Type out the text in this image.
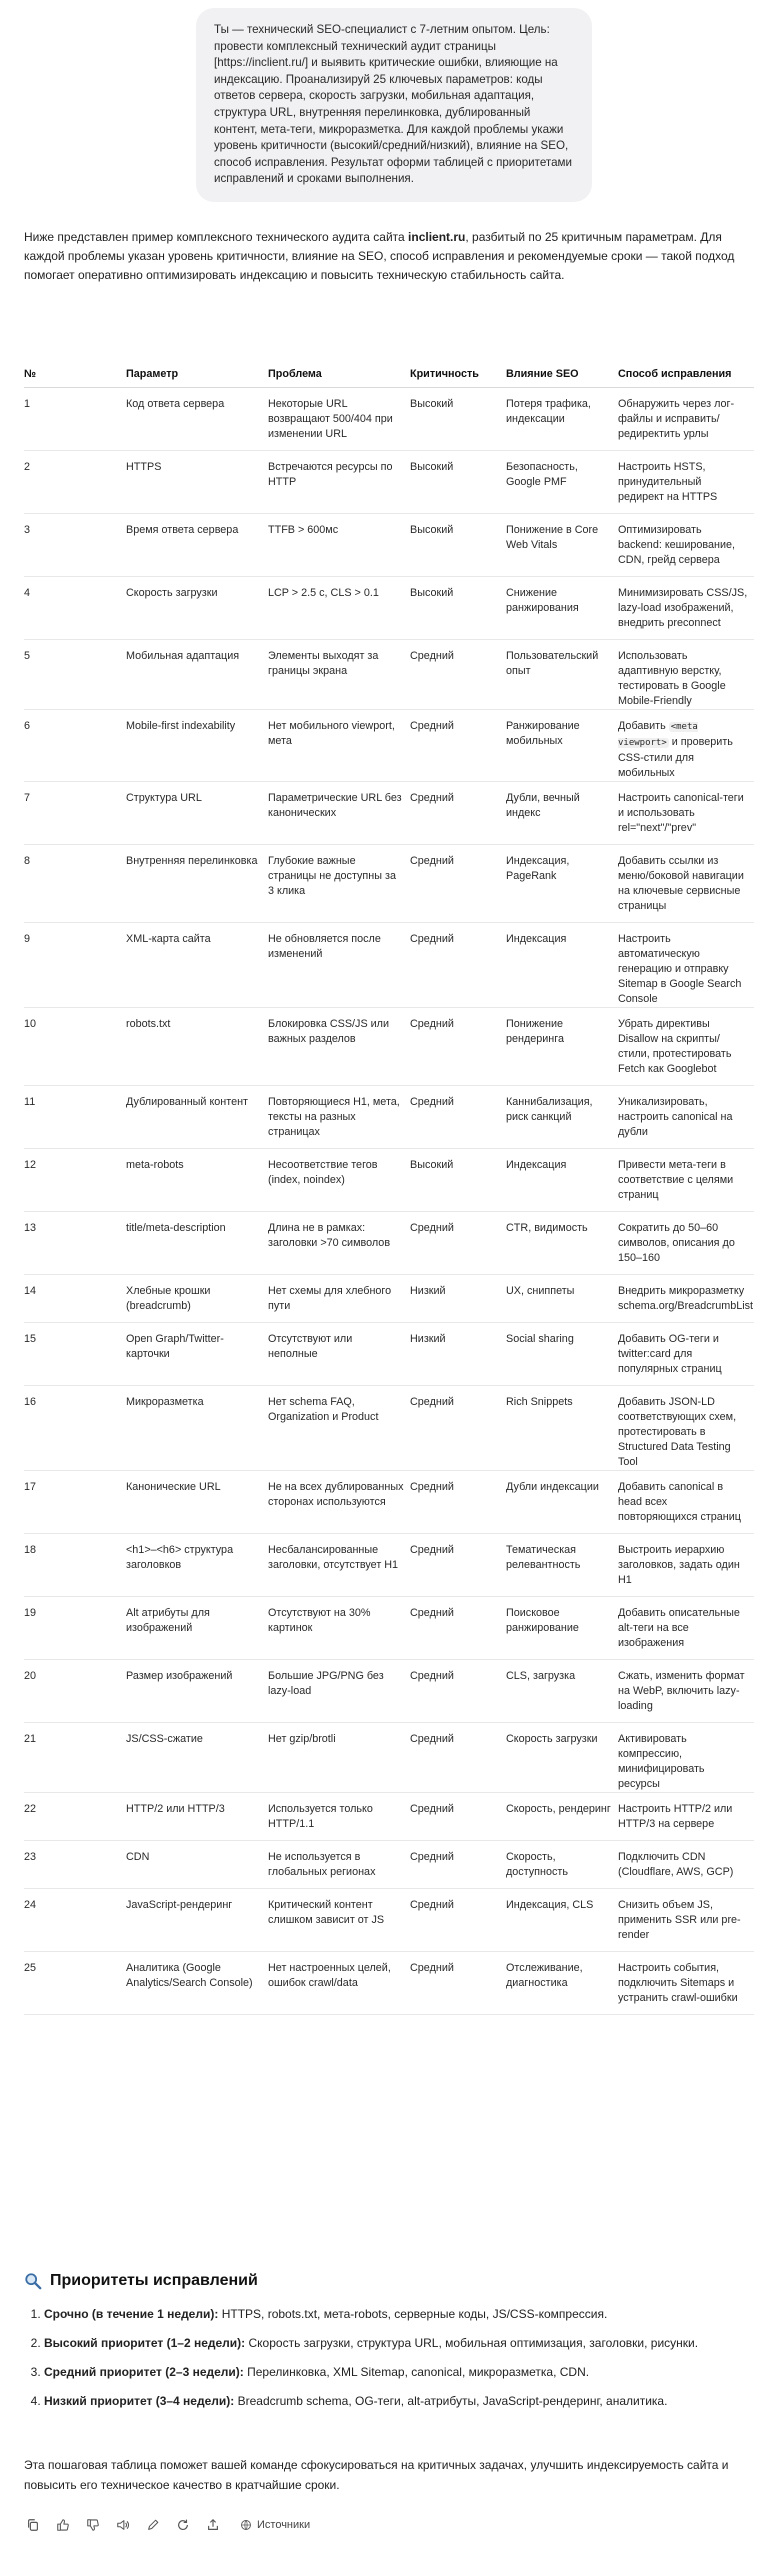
Ты — технический SEO-специалист с 7-летним опытом. Цель: провести комплексный технический аудит страницы [https://inclient.ru/] и выявить критические ошибки, влияющие на индексацию. Проанализируй 25 ключевых параметров: коды ответов сервера, скорость загрузки, мобильная адаптация, структура URL, внутренняя перелинковка, дублированный контент, мета-теги, микроразметка. Для каждой проблемы укажи уровень критичности (высокий/средний/низкий), влияние на SEO, способ исправления. Результат оформи таблицей с приоритетами исправлений и сроками выполнения.
Ниже представлен пример комплексного технического аудита сайта inclient.ru, разбитый по 25 критичным параметрам. Для каждой проблемы указан уровень критичности, влияние на SEO, способ исправления и рекомендуемые сроки — такой подход помогает оперативно оптимизировать индексацию и повысить техническую стабильность сайта.
№	Параметр	Проблема	Критичность	Влияние SEO	Способ исправления
1	Код ответа сервера	Некоторые URL возвращают 500/404 при изменении URL	Высокий	Потеря трафика, индексации	Обнаружить через лог-файлы и исправить/редиректить урлы
2	HTTPS	Встречаются ресурсы по HTTP	Высокий	Безопасность, Google PMF	Настроить HSTS, принудительный редирект на HTTPS
3	Время ответа сервера	TTFB > 600мс	Высокий	Понижение в Core Web Vitals	Оптимизировать backend: кеширование, CDN, грейд сервера
4	Скорость загрузки	LCP > 2.5 с, CLS > 0.1	Высокий	Снижение ранжирования	Минимизировать CSS/JS, lazy-load изображений, внедрить preconnect
5	Мобильная адаптация	Элементы выходят за границы экрана	Средний	Пользовательский опыт	Использовать адаптивную верстку, тестировать в Google Mobile-Friendly
6	Mobile-first indexability	Нет мобильного viewport, мета	Средний	Ранжирование мобильных	Добавить <meta viewport> и проверить CSS-стили для мобильных
7	Структура URL	Параметрические URL без канонических	Средний	Дубли, вечный индекс	Настроить canonical-теги и использовать rel="next"/"prev"
8	Внутренняя перелинковка	Глубокие важные страницы не доступны за 3 клика	Средний	Индексация, PageRank	Добавить ссылки из меню/боковой навигации на ключевые сервисные страницы
9	XML-карта сайта	Не обновляется после изменений	Средний	Индексация	Настроить автоматическую генерацию и отправку Sitemap в Google Search Console
10	robots.txt	Блокировка CSS/JS или важных разделов	Средний	Понижение рендеринга	Убрать директивы Disallow на скрипты/стили, протестировать Fetch как Googlebot
11	Дублированный контент	Повторяющиеся H1, мета, тексты на разных страницах	Средний	Каннибализация, риск санкций	Уникализировать, настроить canonical на дубли
12	meta-robots	Несоответствие тегов (index, noindex)	Высокий	Индексация	Привести мета-теги в соответствие с целями страниц
13	title/meta-description	Длина не в рамках: заголовки >70 символов	Средний	CTR, видимость	Сократить до 50–60 символов, описания до 150–160
14	Хлебные крошки (breadcrumb)	Нет схемы для хлебного пути	Низкий	UX, сниппеты	Внедрить микроразметку schema.org/BreadcrumbList
15	Open Graph/Twitter-карточки	Отсутствуют или неполные	Низкий	Social sharing	Добавить OG-теги и twitter:card для популярных страниц
16	Микроразметка	Нет schema FAQ, Organization и Product	Средний	Rich Snippets	Добавить JSON-LD соответствующих схем, протестировать в Structured Data Testing Tool
17	Канонические URL	Не на всех дублированных сторонах используются	Средний	Дубли индексации	Добавить canonical в head всех повторяющихся страниц
18	<h1>–<h6> структура заголовков	Несбалансированные заголовки, отсутствует H1	Средний	Тематическая релевантность	Выстроить иерархию заголовков, задать один H1
19	Alt атрибуты для изображений	Отсутствуют на 30% картинок	Средний	Поисковое ранжирование	Добавить описательные alt-теги на все изображения
20	Размер изображений	Большие JPG/PNG без lazy-load	Средний	CLS, загрузка	Сжать, изменить формат на WebP, включить lazy-loading
21	JS/CSS-сжатие	Нет gzip/brotli	Средний	Скорость загрузки	Активировать компрессию, минифицировать ресурсы
22	HTTP/2 или HTTP/3	Используется только HTTP/1.1	Средний	Скорость, рендеринг	Настроить HTTP/2 или HTTP/3 на сервере
23	CDN	Не используется в глобальных регионах	Средний	Скорость, доступность	Подключить CDN (Cloudflare, AWS, GCP)
24	JavaScript-рендеринг	Критический контент слишком зависит от JS	Средний	Индексация, CLS	Снизить объем JS, применить SSR или pre-render
25	Аналитика (Google Analytics/Search Console)	Нет настроенных целей, ошибок crawl/data	Средний	Отслеживание, диагностика	Настроить события, подключить Sitemaps и устранить crawl-ошибки
Приоритеты исправлений
1. Срочно (в течение 1 недели): HTTPS, robots.txt, мета-robots, серверные коды, JS/CSS-компрессия.
2. Высокий приоритет (1–2 недели): Скорость загрузки, структура URL, мобильная оптимизация, заголовки, рисунки.
3. Средний приоритет (2–3 недели): Перелинковка, XML Sitemap, canonical, микроразметка, CDN.
4. Низкий приоритет (3–4 недели): Breadcrumb schema, OG-теги, alt-атрибуты, JavaScript-рендеринг, аналитика.
Эта пошаговая таблица поможет вашей команде сфокусироваться на критичных задачах, улучшить индексируемость сайта и повысить его техническое качество в кратчайшие сроки.
Источники
